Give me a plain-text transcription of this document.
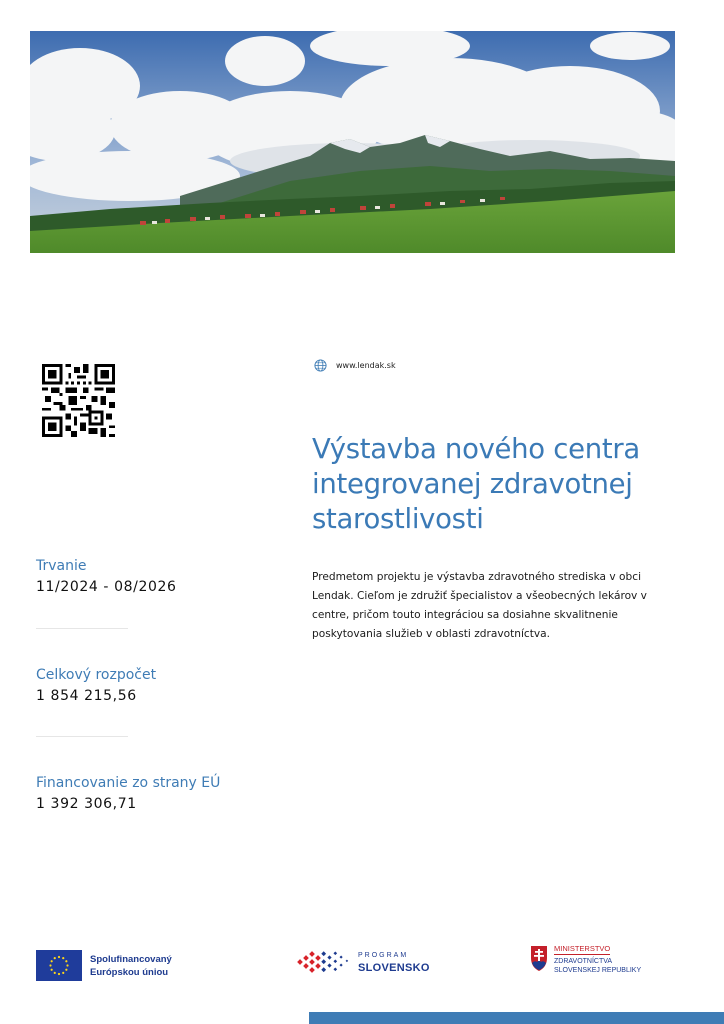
www.lendak.sk
Výstavba nového centra integrovanej zdravotnej starostlivosti

Predmetom projektu je výstavba zdravotného strediska v obci Lendak. Cieľom je združiť špecialistov a všeobecných lekárov v centre, pričom touto integráciou sa dosiahne skvalitnenie poskytovania služieb v oblasti zdravotníctva.

Trvanie

11/2024 - 08/2026

Celkový rozpočet

1 854 215,56

Financovanie zo strany EÚ

1 392 306,71

Spolufinancovaný
Európskou úniou
PROGRAM
SLOVENSKO
MINISTERSTVO
ZDRAVOTNÍCTVA
SLOVENSKEJ REPUBLIKY
